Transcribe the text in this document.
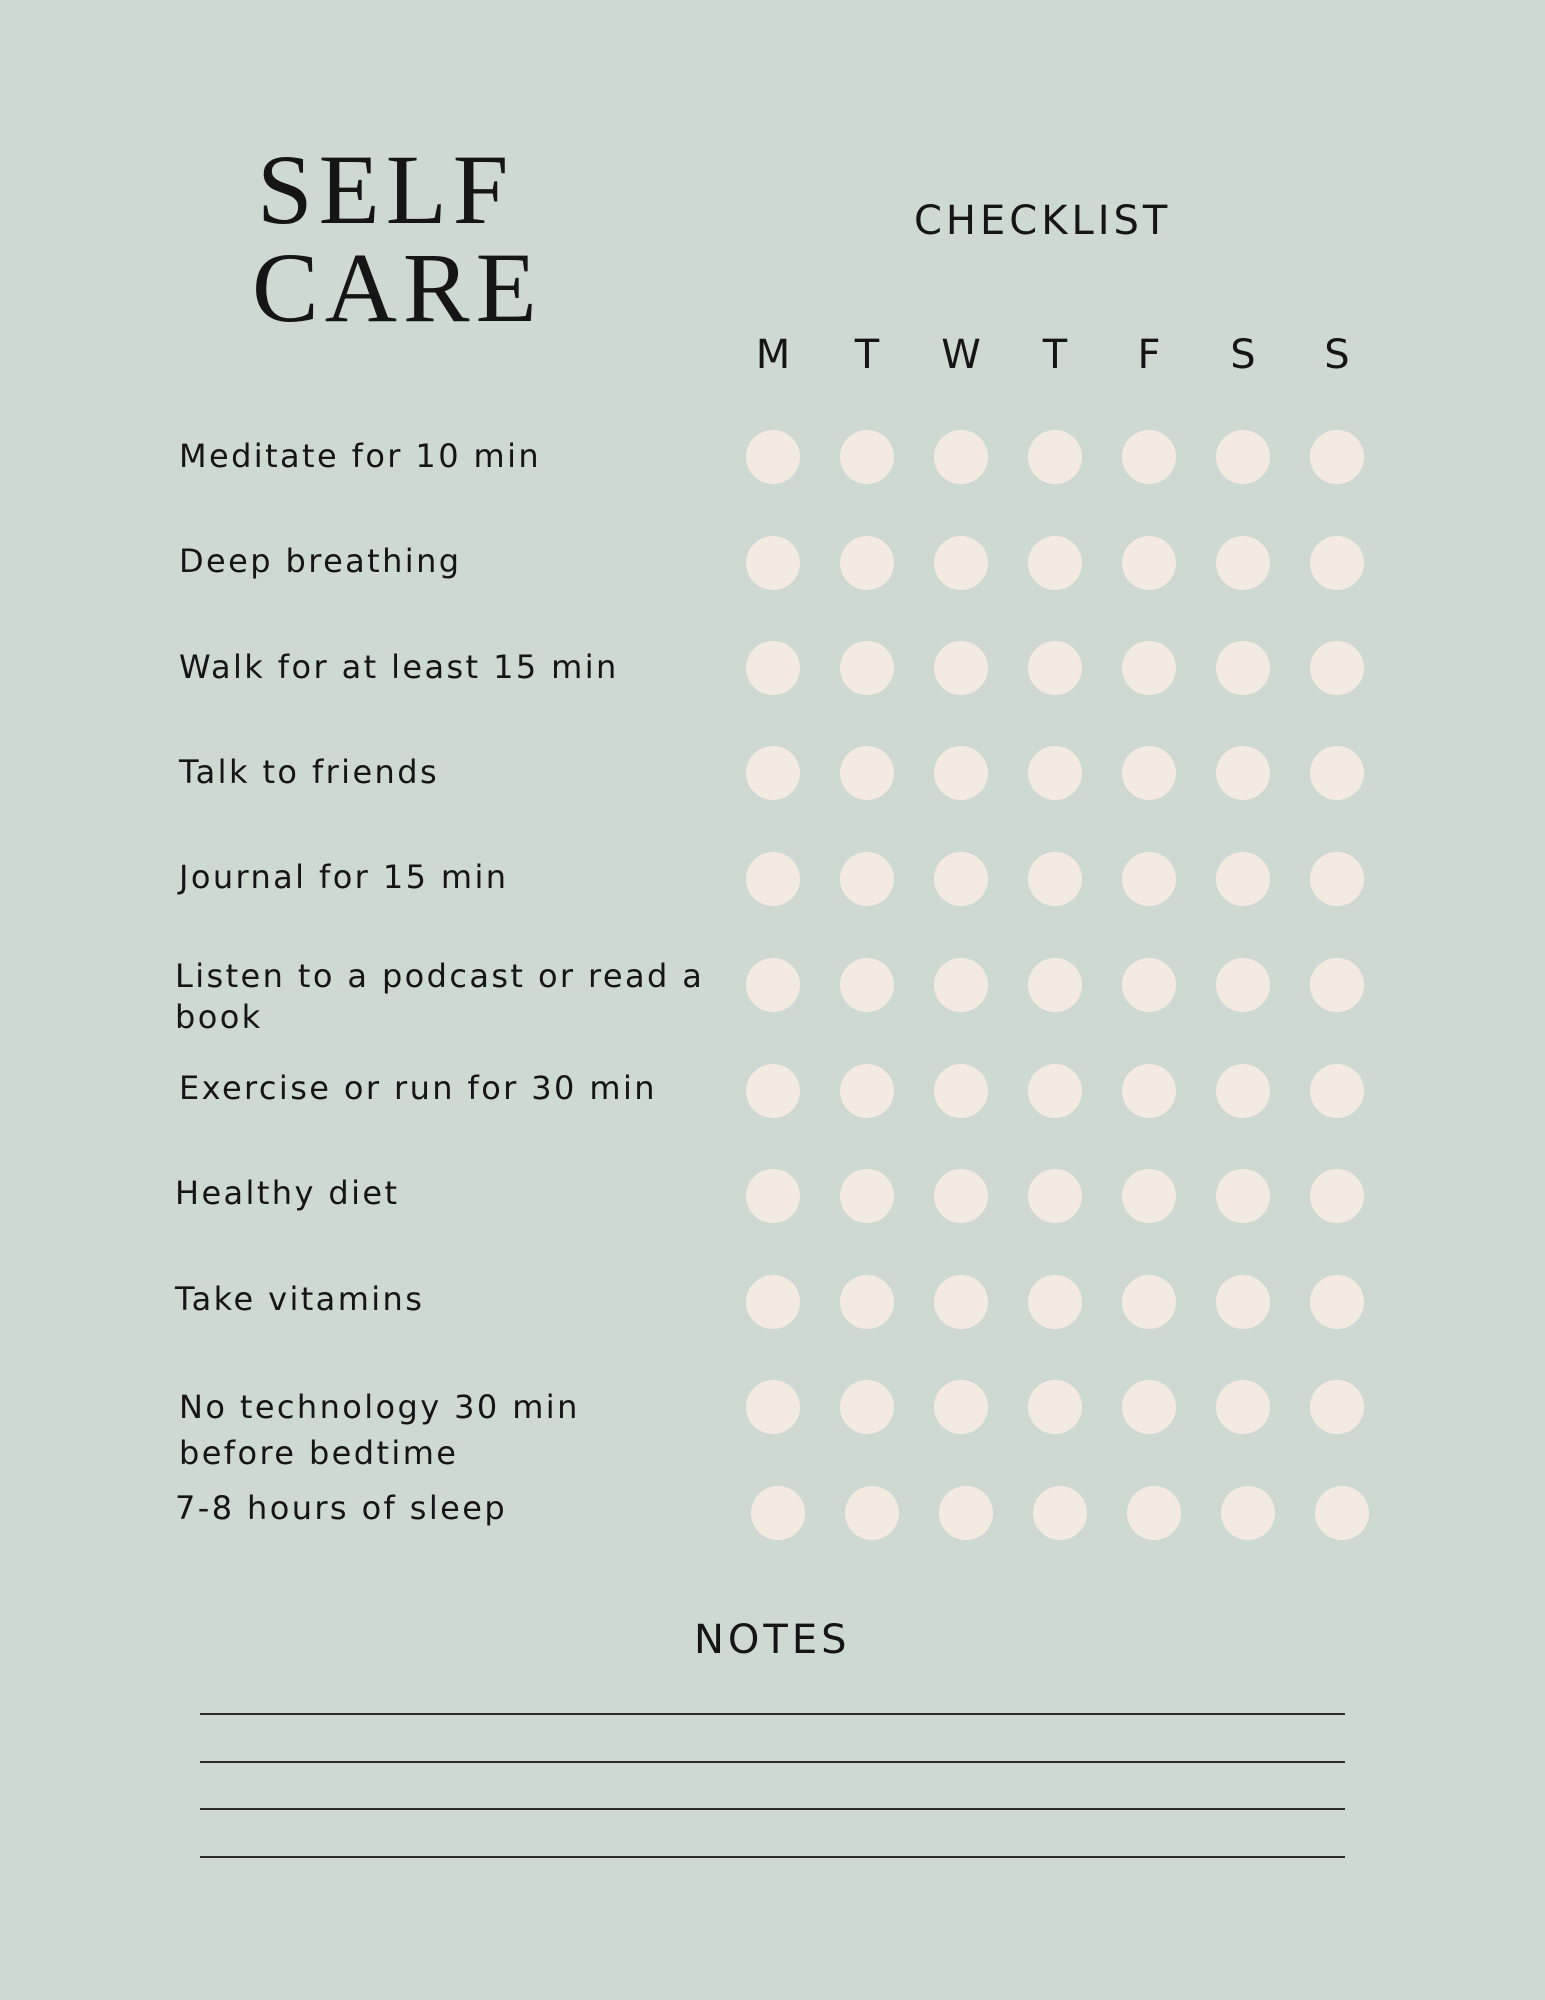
SELF
CARE
CHECKLIST
M	T	W	T	F	S	S
Meditate for 10 min
Deep breathing
Walk for at least 15 min
Talk to friends
Journal for 15 min
Listen to a podcast or read a book
Exercise or run for 30 min
Healthy diet
Take vitamins
No technology 30 min before bedtime
7-8 hours of sleep
NOTES
